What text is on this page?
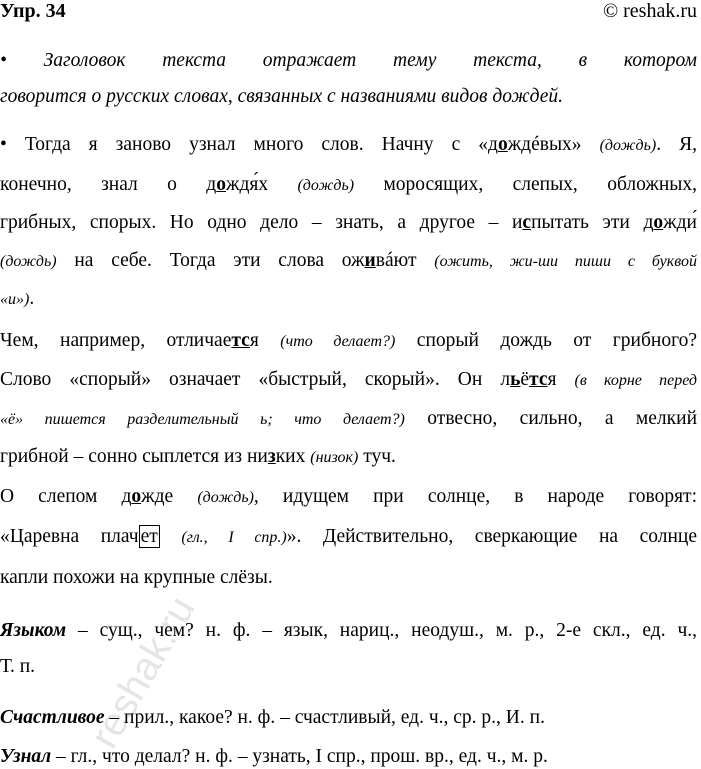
Упр. 34	© reshak.ru
reshak.ru
• Заголовок текста отражает тему текста, в котором
говорится о русских словах, связанных с названиями видов дождей.
• Тогда я заново узнал много слов. Начну с «дождéвых» (дождь). Я,
конечно, знал о дождя́х (дождь) моросящих, слепых, обложных,
грибных, спорых. Но одно дело – знать, а другое – испытать эти дожди́
(дождь) на себе. Тогда эти слова оживáют (ожить, жи-ши пиши с буквой
«и»).
Чем, например, отличается (что делает?) спорый дождь от грибного?
Слово «спорый» означает «быстрый, скорый». Он льётся (в корне перед
«ё» пишется разделительный ь; что делает?) отвесно, сильно, а мелкий
грибной – сонно сыплется из низких (низок) туч.
О слепом дожде (дождь), идущем при солнце, в народе говорят:
«Царевна плач ет (гл., I спр.)». Действительно, сверкающие на солнце
капли похожи на крупные слёзы.
Языком – сущ., чем? н. ф. – язык, нариц., неодуш., м. р., 2-е скл., ед. ч.,
Т. п.
Счастливое – прил., какое? н. ф. – счастливый, ед. ч., ср. р., И. п.
Узнал – гл., что делал? н. ф. – узнать, I спр., прош. вр., ед. ч., м. р.
